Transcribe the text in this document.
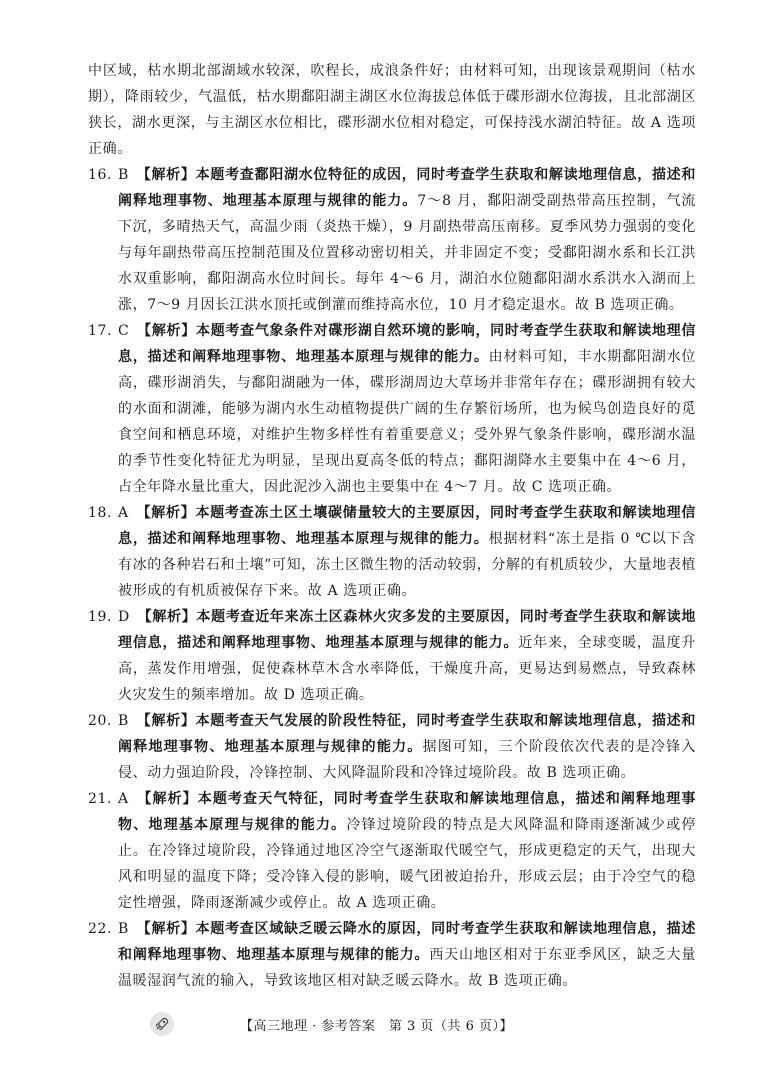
中区域，枯水期北部湖域水较深，吹程长，成浪条件好；由材料可知，出现该景观期间（枯水期），降雨较少，气温低，枯水期鄱阳湖主湖区水位海拔总体低于碟形湖水位海拔，且北部湖区狭长，湖水更深，与主湖区水位相比，碟形湖水位相对稳定，可保持浅水湖泊特征。故 A 选项正确。

16. B　 【解析】本题考查鄱阳湖水位特征的成因，同时考查学生获取和解读地理信息，描述和阐释地理事物、地理基本原理与规律的能力。7～8 月，鄱阳湖受副热带高压控制，气流下沉，多晴热天气，高温少雨（炎热干燥），9 月副热带高压南移。夏季风势力强弱的变化与每年副热带高压控制范围及位置移动密切相关，并非固定不变；受鄱阳湖水系和长江洪水双重影响，鄱阳湖高水位时间长。每年 4～6 月，湖泊水位随鄱阳湖水系洪水入湖而上涨，7～9 月因长江洪水顶托或倒灌而维持高水位，10 月才稳定退水。故 B 选项正确。

17. C　 【解析】本题考查气象条件对碟形湖自然环境的影响，同时考查学生获取和解读地理信息，描述和阐释地理事物、地理基本原理与规律的能力。由材料可知，丰水期鄱阳湖水位高，碟形湖消失，与鄱阳湖融为一体，碟形湖周边大草场并非常年存在；碟形湖拥有较大的水面和湖滩，能够为湖内水生动植物提供广阔的生存繁衍场所，也为候鸟创造良好的觅食空间和栖息环境，对维护生物多样性有着重要意义；受外界气象条件影响，碟形湖水温的季节性变化特征尤为明显，呈现出夏高冬低的特点；鄱阳湖降水主要集中在 4～6 月，占全年降水量比重大，因此泥沙入湖也主要集中在 4～7 月。故 C 选项正确。

18. A　 【解析】本题考查冻土区土壤碳储量较大的主要原因，同时考查学生获取和解读地理信息，描述和阐释地理事物、地理基本原理与规律的能力。根据材料“冻土是指 0 ℃以下含有冰的各种岩石和土壤”可知，冻土区微生物的活动较弱，分解的有机质较少，大量地表植被形成的有机质被保存下来。故 A 选项正确。

19. D　 【解析】本题考查近年来冻土区森林火灾多发的主要原因，同时考查学生获取和解读地理信息，描述和阐释地理事物、地理基本原理与规律的能力。近年来，全球变暖，温度升高，蒸发作用增强，促使森林草木含水率降低，干燥度升高，更易达到易燃点，导致森林火灾发生的频率增加。故 D 选项正确。

20. B　 【解析】本题考查天气发展的阶段性特征，同时考查学生获取和解读地理信息，描述和阐释地理事物、地理基本原理与规律的能力。据图可知，三个阶段依次代表的是冷锋入侵、动力强迫阶段，冷锋控制、大风降温阶段和冷锋过境阶段。故 B 选项正确。

21. A　 【解析】本题考查天气特征，同时考查学生获取和解读地理信息，描述和阐释地理事物、地理基本原理与规律的能力。冷锋过境阶段的特点是大风降温和降雨逐渐减少或停止。在冷锋过境阶段，冷锋通过地区冷空气逐渐取代暖空气，形成更稳定的天气，出现大风和明显的温度下降；受冷锋入侵的影响，暖气团被迫抬升，形成云层；由于冷空气的稳定性增强，降雨逐渐减少或停止。故 A 选项正确。

22. B　 【解析】本题考查区域缺乏暖云降水的原因，同时考查学生获取和解读地理信息，描述和阐释地理事物、地理基本原理与规律的能力。西天山地区相对于东亚季风区，缺乏大量温暖湿润气流的输入，导致该地区相对缺乏暖云降水。故 B 选项正确。

【高三地理 · 参考答案　第 3 页（共 6 页）】
